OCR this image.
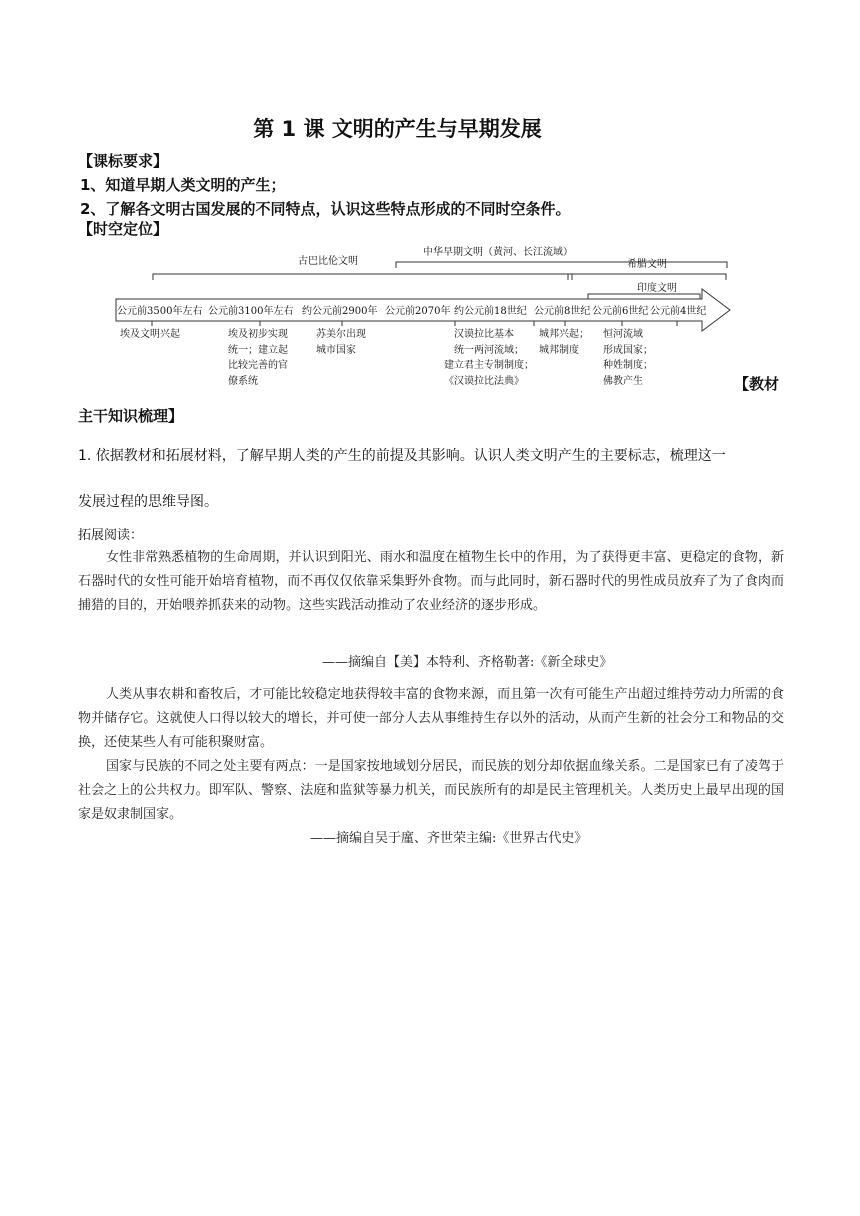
第 1 课 文明的产生与早期发展
【课标要求】
1、知道早期人类文明的产生；
2、了解各文明古国发展的不同特点，认识这些特点形成的不同时空条件。
【时空定位】
古巴比伦文明
中华早期文明（黄河、长江流域）
希腊文明
印度文明
公元前3500年左右 公元前3100年左右 约公元前2900年 公元前2070年 约公元前18世纪 公元前8世纪 公元前6世纪 公元前4世纪
埃及文明兴起	埃及初步实现
统一；建立起
比较完善的官
僚系统
苏美尔出现
城市国家
汉谟拉比基本
统一两河流域；
建立君主专制制度；
《汉谟拉比法典》
城邦兴起；
城邦制度
恒河流域
形成国家；
种姓制度；
佛教产生	【教材
主干知识梳理】
1. 依据教材和拓展材料，了解早期人类的产生的前提及其影响。认识人类文明产生的主要标志，梳理这一
发展过程的思维导图。
拓展阅读：
女性非常熟悉植物的生命周期，并认识到阳光、雨水和温度在植物生长中的作用，为了获得更丰富、更稳定的食物，新石器时代的女性可能开始培育植物，而不再仅仅依靠采集野外食物。而与此同时，新石器时代的男性成员放弃了为了食肉而捕猎的目的，开始喂养抓获来的动物。这些实践活动推动了农业经济的逐步形成。
——摘编自【美】本特利、齐格勒著:《新全球史》
人类从事农耕和畜牧后，才可能比较稳定地获得较丰富的食物来源，而且第一次有可能生产出超过维持劳动力所需的食物并储存它。这就使人口得以较大的增长，并可使一部分人去从事维持生存以外的活动，从而产生新的社会分工和物品的交换，还使某些人有可能积聚财富。
国家与民族的不同之处主要有两点：一是国家按地域划分居民，而民族的划分却依据血缘关系。二是国家已有了凌驾于社会之上的公共权力。即军队、警察、法庭和监狱等暴力机关，而民族所有的却是民主管理机关。人类历史上最早出现的国家是奴隶制国家。
——摘编自吴于廑、齐世荣主编:《世界古代史》
